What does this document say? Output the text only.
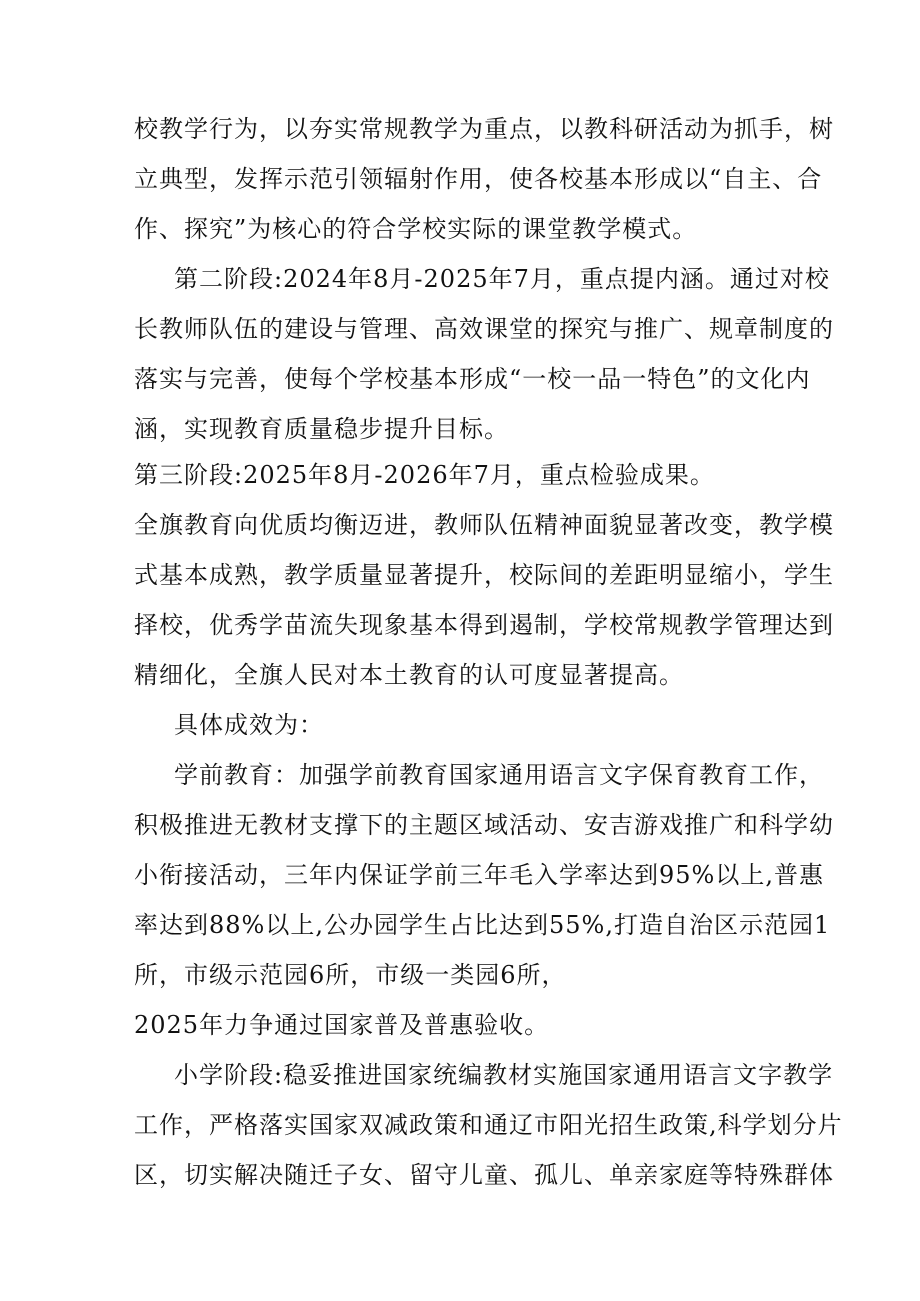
校教学行为，以夯实常规教学为重点，以教科研活动为抓手，树
立典型，发挥示范引领辐射作用，使各校基本形成以“自主、合
作、探究”为核心的符合学校实际的课堂教学模式。
第二阶段:2024年8月-2025年7月，重点提内涵。通过对校
长教师队伍的建设与管理、高效课堂的探究与推广、规章制度的
落实与完善，使每个学校基本形成“一校一品一特色”的文化内
涵，实现教育质量稳步提升目标。
第三阶段:2025年8月-2026年7月，重点检验成果。
全旗教育向优质均衡迈进，教师队伍精神面貌显著改变，教学模
式基本成熟，教学质量显著提升，校际间的差距明显缩小，学生
择校，优秀学苗流失现象基本得到遏制，学校常规教学管理达到
精细化，全旗人民对本土教育的认可度显著提高。
具体成效为：
学前教育：加强学前教育国家通用语言文字保育教育工作，
积极推进无教材支撑下的主题区域活动、安吉游戏推广和科学幼
小衔接活动，三年内保证学前三年毛入学率达到95%以上,普惠
率达到88%以上,公办园学生占比达到55%,打造自治区示范园1
所，市级示范园6所，市级一类园6所，
2025年力争通过国家普及普惠验收。
小学阶段:稳妥推进国家统编教材实施国家通用语言文字教学
工作，严格落实国家双减政策和通辽市阳光招生政策,科学划分片
区，切实解决随迁子女、留守儿童、孤儿、单亲家庭等特殊群体
